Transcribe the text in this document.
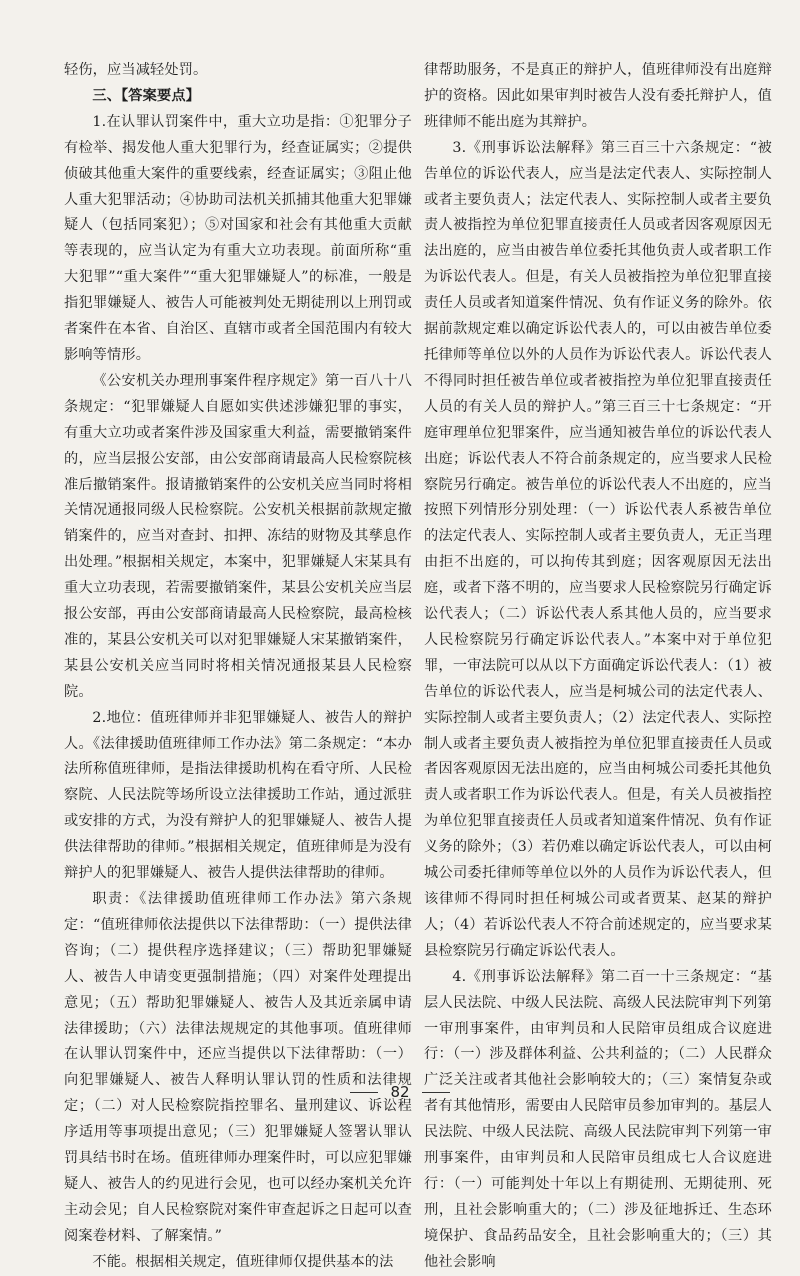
轻伤，应当减轻处罚。

三、【答案要点】

1.在认罪认罚案件中，重大立功是指：①犯罪分子有检举、揭发他人重大犯罪行为，经查证属实；②提供侦破其他重大案件的重要线索，经查证属实；③阻止他人重大犯罪活动；④协助司法机关抓捕其他重大犯罪嫌疑人（包括同案犯）；⑤对国家和社会有其他重大贡献等表现的，应当认定为有重大立功表现。前面所称“重大犯罪”“重大案件”“重大犯罪嫌疑人”的标准，一般是指犯罪嫌疑人、被告人可能被判处无期徒刑以上刑罚或者案件在本省、自治区、直辖市或者全国范围内有较大影响等情形。

《公安机关办理刑事案件程序规定》第一百八十八条规定：“犯罪嫌疑人自愿如实供述涉嫌犯罪的事实，有重大立功或者案件涉及国家重大利益，需要撤销案件的，应当层报公安部，由公安部商请最高人民检察院核准后撤销案件。报请撤销案件的公安机关应当同时将相关情况通报同级人民检察院。公安机关根据前款规定撤销案件的，应当对查封、扣押、冻结的财物及其孳息作出处理。”根据相关规定，本案中，犯罪嫌疑人宋某具有重大立功表现，若需要撤销案件，某县公安机关应当层报公安部，再由公安部商请最高人民检察院，最高检核准的，某县公安机关可以对犯罪嫌疑人宋某撤销案件，某县公安机关应当同时将相关情况通报某县人民检察院。

2.地位：值班律师并非犯罪嫌疑人、被告人的辩护人。《法律援助值班律师工作办法》第二条规定：“本办法所称值班律师，是指法律援助机构在看守所、人民检察院、人民法院等场所设立法律援助工作站，通过派驻或安排的方式，为没有辩护人的犯罪嫌疑人、被告人提供法律帮助的律师。”根据相关规定，值班律师是为没有辩护人的犯罪嫌疑人、被告人提供法律帮助的律师。

职责：《法律援助值班律师工作办法》第六条规定：“值班律师依法提供以下法律帮助：（一）提供法律咨询；（二）提供程序选择建议；（三）帮助犯罪嫌疑人、被告人申请变更强制措施；（四）对案件处理提出意见；（五）帮助犯罪嫌疑人、被告人及其近亲属申请法律援助；（六）法律法规规定的其他事项。值班律师在认罪认罚案件中，还应当提供以下法律帮助：（一）向犯罪嫌疑人、被告人释明认罪认罚的性质和法律规定；（二）对人民检察院指控罪名、量刑建议、诉讼程序适用等事项提出意见；（三）犯罪嫌疑人签署认罪认罚具结书时在场。值班律师办理案件时，可以应犯罪嫌疑人、被告人的约见进行会见，也可以经办案机关允许主动会见；自人民检察院对案件审查起诉之日起可以查阅案卷材料、了解案情。”

不能。根据相关规定，值班律师仅提供基本的法

律帮助服务，不是真正的辩护人，值班律师没有出庭辩护的资格。因此如果审判时被告人没有委托辩护人，值班律师不能出庭为其辩护。

3.《刑事诉讼法解释》第三百三十六条规定：“被告单位的诉讼代表人，应当是法定代表人、实际控制人或者主要负责人；法定代表人、实际控制人或者主要负责人被指控为单位犯罪直接责任人员或者因客观原因无法出庭的，应当由被告单位委托其他负责人或者职工作为诉讼代表人。但是，有关人员被指控为单位犯罪直接责任人员或者知道案件情况、负有作证义务的除外。依据前款规定难以确定诉讼代表人的，可以由被告单位委托律师等单位以外的人员作为诉讼代表人。诉讼代表人不得同时担任被告单位或者被指控为单位犯罪直接责任人员的有关人员的辩护人。”第三百三十七条规定：“开庭审理单位犯罪案件，应当通知被告单位的诉讼代表人出庭；诉讼代表人不符合前条规定的，应当要求人民检察院另行确定。被告单位的诉讼代表人不出庭的，应当按照下列情形分别处理：（一）诉讼代表人系被告单位的法定代表人、实际控制人或者主要负责人，无正当理由拒不出庭的，可以拘传其到庭；因客观原因无法出庭，或者下落不明的，应当要求人民检察院另行确定诉讼代表人；（二）诉讼代表人系其他人员的，应当要求人民检察院另行确定诉讼代表人。”本案中对于单位犯罪，一审法院可以从以下方面确定诉讼代表人：（1）被告单位的诉讼代表人，应当是柯城公司的法定代表人、实际控制人或者主要负责人；（2）法定代表人、实际控制人或者主要负责人被指控为单位犯罪直接责任人员或者因客观原因无法出庭的，应当由柯城公司委托其他负责人或者职工作为诉讼代表人。但是，有关人员被指控为单位犯罪直接责任人员或者知道案件情况、负有作证义务的除外；（3）若仍难以确定诉讼代表人，可以由柯城公司委托律师等单位以外的人员作为诉讼代表人，但该律师不得同时担任柯城公司或者贾某、赵某的辩护人；（4）若诉讼代表人不符合前述规定的，应当要求某县检察院另行确定诉讼代表人。

4.《刑事诉讼法解释》第二百一十三条规定：“基层人民法院、中级人民法院、高级人民法院审判下列第一审刑事案件，由审判员和人民陪审员组成合议庭进行：（一）涉及群体利益、公共利益的；（二）人民群众广泛关注或者其他社会影响较大的；（三）案情复杂或者有其他情形，需要由人民陪审员参加审判的。基层人民法院、中级人民法院、高级人民法院审判下列第一审刑事案件，由审判员和人民陪审员组成七人合议庭进行：（一）可能判处十年以上有期徒刑、无期徒刑、死刑，且社会影响重大的；（二）涉及征地拆迁、生态环境保护、食品药品安全，且社会影响重大的；（三）其他社会影响

82
